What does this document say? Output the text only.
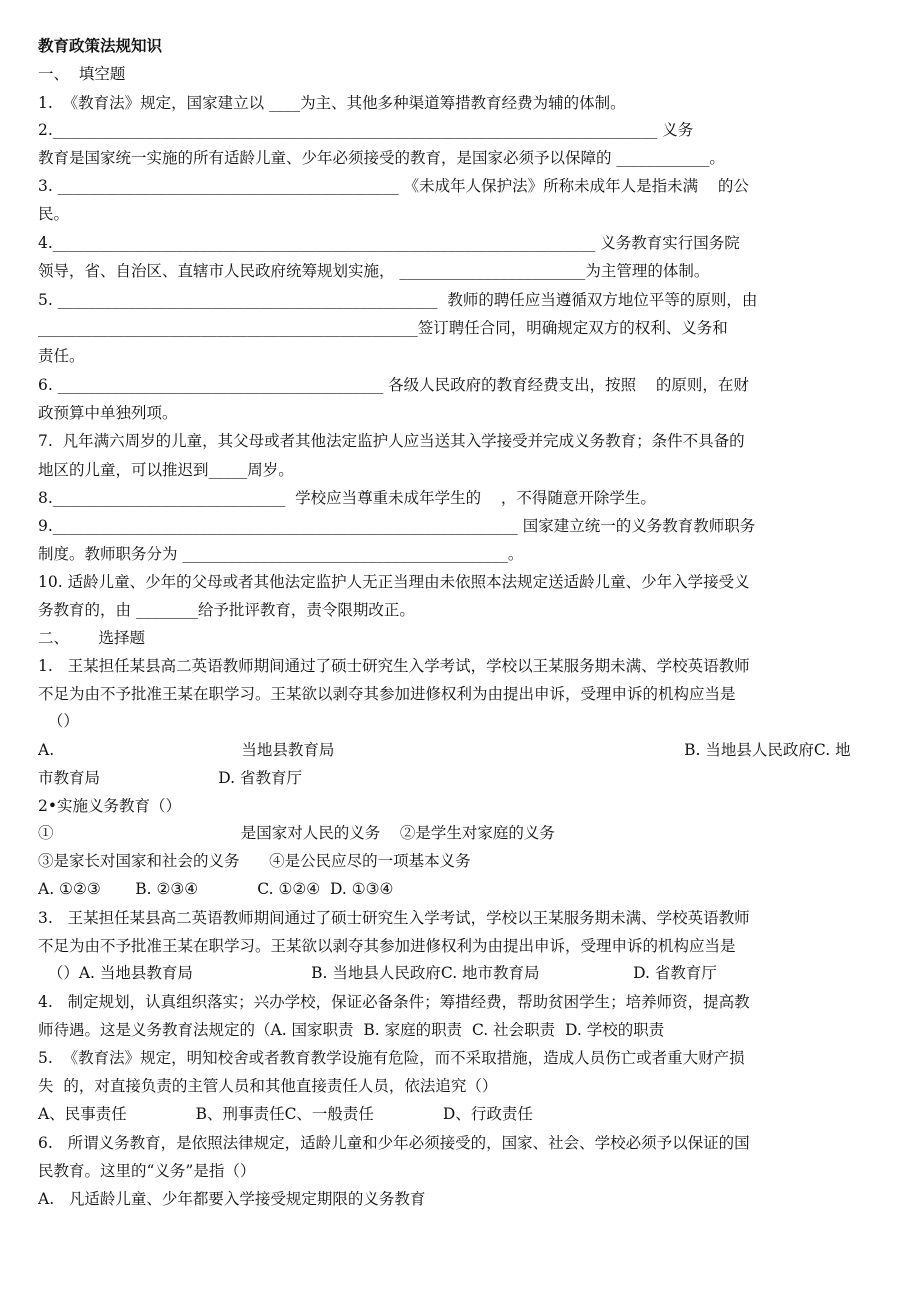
教育政策法规知识

一、  填空题

1.  《教育法》规定，国家建立以 ____为主、其他多种渠道筹措教育经费为辅的体制。

2.______________________________________________________________________________ 义务

教育是国家统一实施的所有适龄儿童、少年必须接受的教育，是国家必须予以保障的 ____________。

3. ____________________________________________ 《未成年人保护法》所称未成年人是指未满    的公

民。

4.______________________________________________________________________ 义务教育实行国务院

领导，省、自治区、直辖市人民政府统筹规划实施， ________________________为主管理的体制。

5. _________________________________________________  教师的聘任应当遵循双方地位平等的原则，由

_________________________________________________签订聘任合同，明确规定双方的权利、义务和

责任。

6. __________________________________________ 各级人民政府的教育经费支出，按照    的原则，在财

政预算中单独列项。

7.  凡年满六周岁的儿童，其父母或者其他法定监护人应当送其入学接受并完成义务教育；条件不具备的

地区的儿童，可以推迟到_____周岁。

8.______________________________  学校应当尊重未成年学生的    ，不得随意开除学生。

9.____________________________________________________________ 国家建立统一的义务教育教师职务

制度。教师职务分为 __________________________________________。

10. 适龄儿童、少年的父母或者其他法定监护人无正当理由未依照本法规定送适龄儿童、少年入学接受义

务教育的，由 ________给予批评教育，责令限期改正。

二、      选择题

1.   王某担任某县高二英语教师期间通过了硕士研究生入学考试，学校以王某服务期未满、学校英语教师

不足为由不予批准王某在职学习。王某欲以剥夺其参加进修权利为由提出申诉，受理申诉的机构应当是

（）

A.                                      当地县教育局                                                                       B. 当地县人民政府C. 地

市教育局                        D. 省教育厅

2•实施义务教育（）

①                                      是国家对人民的义务    ②是学生对家庭的义务

③是家长对国家和社会的义务      ④是公民应尽的一项基本义务

A. ①②③       B. ②③④            C. ①②④  D. ①③④

3.   王某担任某县高二英语教师期间通过了硕士研究生入学考试，学校以王某服务期未满、学校英语教师

不足为由不予批准王某在职学习。王某欲以剥夺其参加进修权利为由提出申诉，受理申诉的机构应当是

（）A. 当地县教育局                        B. 当地县人民政府C. 地市教育局                   D. 省教育厅

4.   制定规划，认真组织落实；兴办学校，保证必备条件；筹措经费，帮助贫困学生；培养师资，提高教

师待遇。这是义务教育法规定的（A. 国家职责  B. 家庭的职责  C. 社会职责  D. 学校的职责

5.  《教育法》规定，明知校舍或者教育教学设施有危险，而不采取措施，造成人员伤亡或者重大财产损

失  的，对直接负责的主管人员和其他直接责任人员，依法追究（）

A、民事责任              B、刑事责任C、一般责任              D、行政责任

6.   所谓义务教育，是依照法律规定，适龄儿童和少年必须接受的，国家、社会、学校必须予以保证的国

民教育。这里的“义务”是指（）

A.   凡适龄儿童、少年都要入学接受规定期限的义务教育
